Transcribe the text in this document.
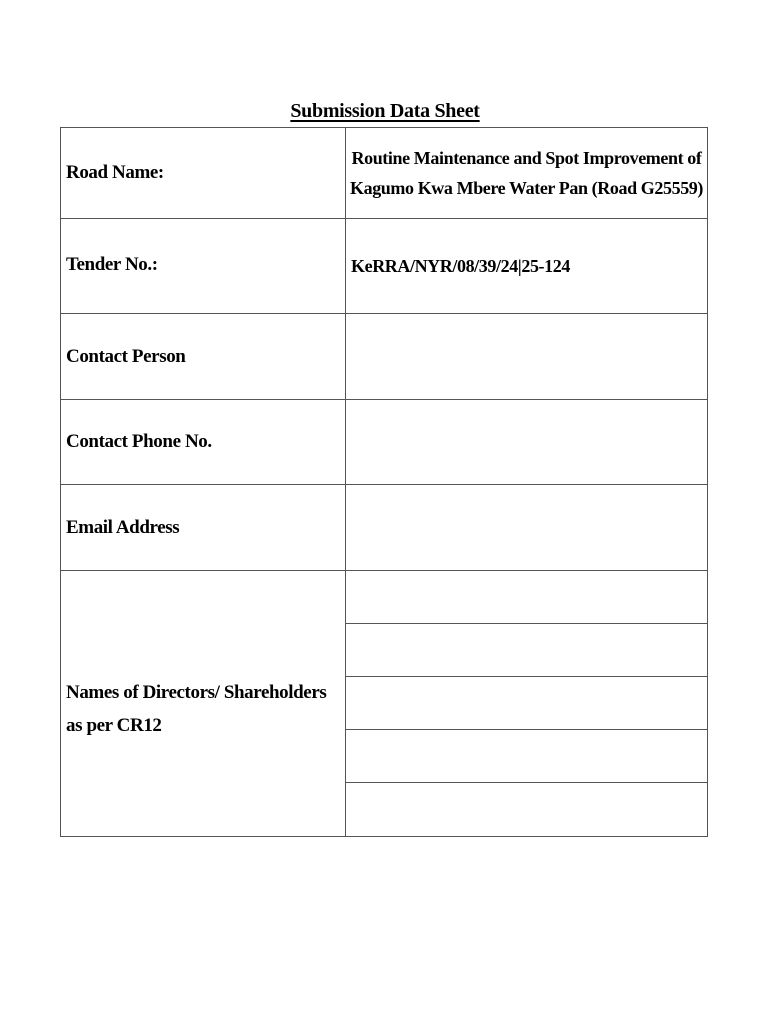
Submission Data Sheet
Road Name:
Routine Maintenance and Spot Improvement of
Kagumo Kwa Mbere Water Pan (Road G25559)
Tender No.:	KeRRA/NYR/08/39/24|25-124
Contact Person
Contact Phone No.
Email Address
Names of Directors/ Shareholders
as per CR12
